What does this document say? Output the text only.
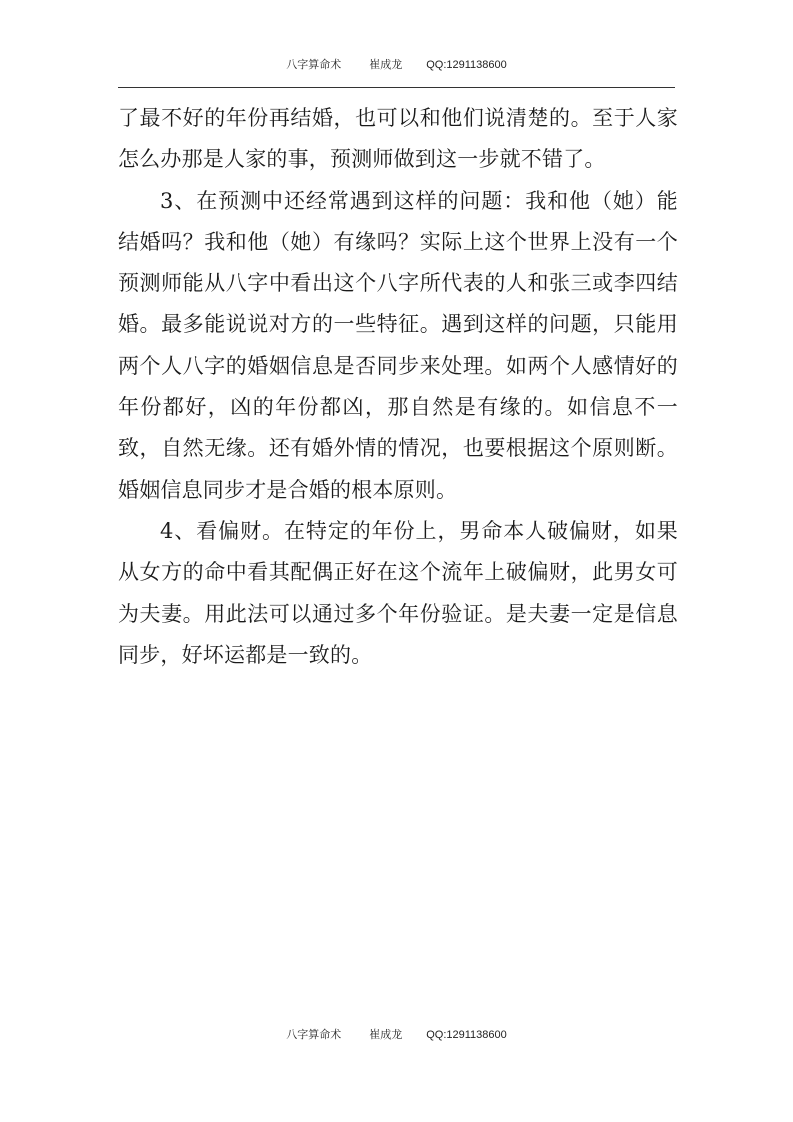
八字算命术	崔成龙 QQ:1291138600

了最不好的年份再结婚，也可以和他们说清楚的。至于人家怎么办那是人家的事，预测师做到这一步就不错了。

3、在预测中还经常遇到这样的问题：我和他（她）能结婚吗？我和他（她）有缘吗？实际上这个世界上没有一个预测师能从八字中看出这个八字所代表的人和张三或李四结婚。最多能说说对方的一些特征。遇到这样的问题，只能用两个人八字的婚姻信息是否同步来处理。如两个人感情好的年份都好，凶的年份都凶，那自然是有缘的。如信息不一致，自然无缘。还有婚外情的情况，也要根据这个原则断。婚姻信息同步才是合婚的根本原则。

4、看偏财。在特定的年份上，男命本人破偏财，如果从女方的命中看其配偶正好在这个流年上破偏财，此男女可为夫妻。用此法可以通过多个年份验证。是夫妻一定是信息同步，好坏运都是一致的。

八字算命术	崔成龙 QQ:1291138600
